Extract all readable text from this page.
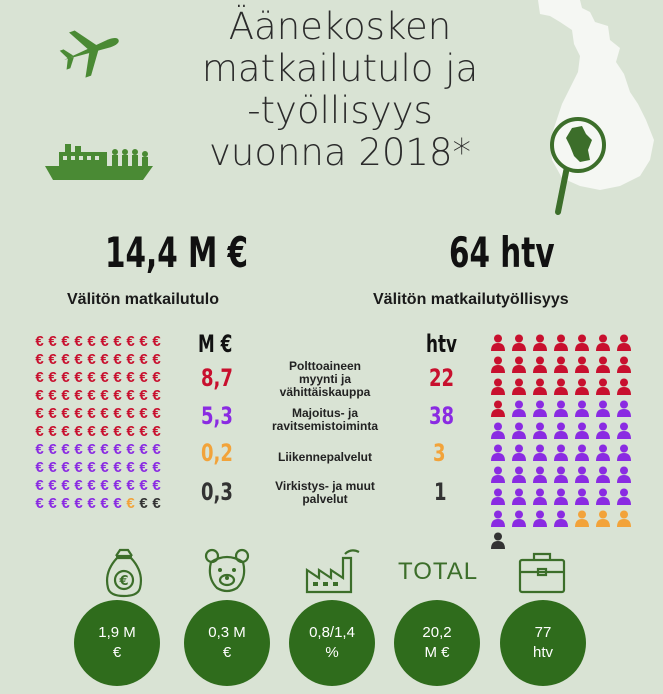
Äänekosken
matkailutulo ja
-työllisyys
vuonna 2018*
14,4 M €	64 htv
Välitön matkailutulo	Välitön matkailutyöllisyys
€ € € € € € € € € €€ € € € € € € € € €€ € € € € € € € € €€ € € € € € € € € €€ € € € € € € € € €€ € € € € € € € € €€ € € € € € € € € €€ € € € € € € € € €€ € € € € € € € € €€ € € € € € € € € €
M €	htv
8,7	Polttoaineen
myynti ja
vähittäiskauppa	22
5,3	Majoitus- ja
ravitsemistoiminta 38
0,2	Liikennepalvelut	3
0,3	Virkistys- ja muut
palvelut	1
€	TOTAL
1,9 M
€
0,3 M
€
0,8/1,4
%
20,2
M €
77
htv
